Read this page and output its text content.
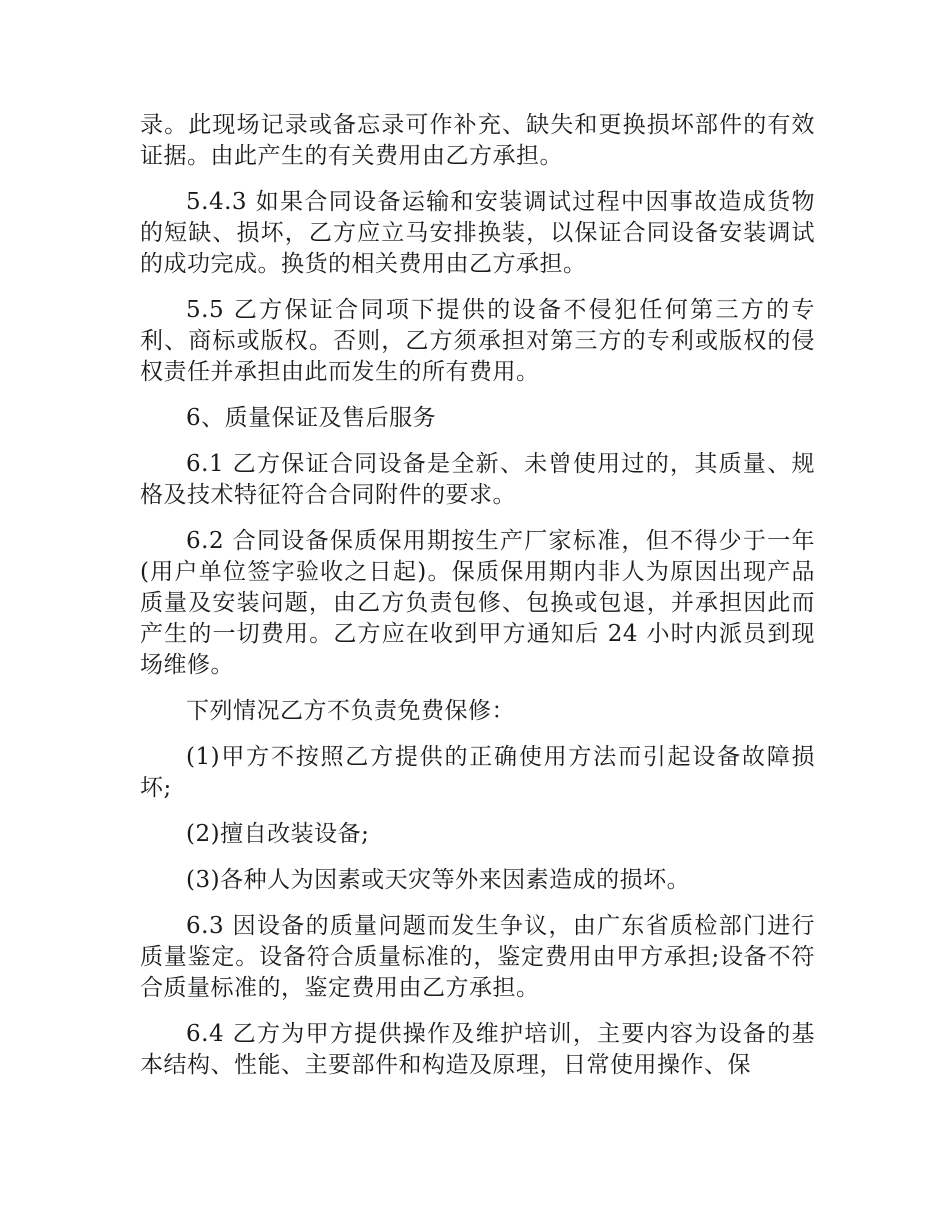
录。此现场记录或备忘录可作补充、缺失和更换损坏部件的有效证据。由此产生的有关费用由乙方承担。

5.4.3 如果合同设备运输和安装调试过程中因事故造成货物的短缺、损坏，乙方应立马安排换装，以保证合同设备安装调试的成功完成。换货的相关费用由乙方承担。

5.5 乙方保证合同项下提供的设备不侵犯任何第三方的专利、商标或版权。否则，乙方须承担对第三方的专利或版权的侵权责任并承担由此而发生的所有费用。

6、质量保证及售后服务

6.1 乙方保证合同设备是全新、未曾使用过的，其质量、规格及技术特征符合合同附件的要求。

6.2 合同设备保质保用期按生产厂家标准，但不得少于一年(用户单位签字验收之日起)。保质保用期内非人为原因出现产品质量及安装问题，由乙方负责包修、包换或包退，并承担因此而产生的一切费用。乙方应在收到甲方通知后 24 小时内派员到现场维修。

下列情况乙方不负责免费保修：

(1)甲方不按照乙方提供的正确使用方法而引起设备故障损坏;

(2)擅自改装设备;

(3)各种人为因素或天灾等外来因素造成的损坏。

6.3 因设备的质量问题而发生争议，由广东省质检部门进行质量鉴定。设备符合质量标准的，鉴定费用由甲方承担;设备不符合质量标准的，鉴定费用由乙方承担。

6.4 乙方为甲方提供操作及维护培训，主要内容为设备的基本结构、性能、主要部件和构造及原理，日常使用操作、保
